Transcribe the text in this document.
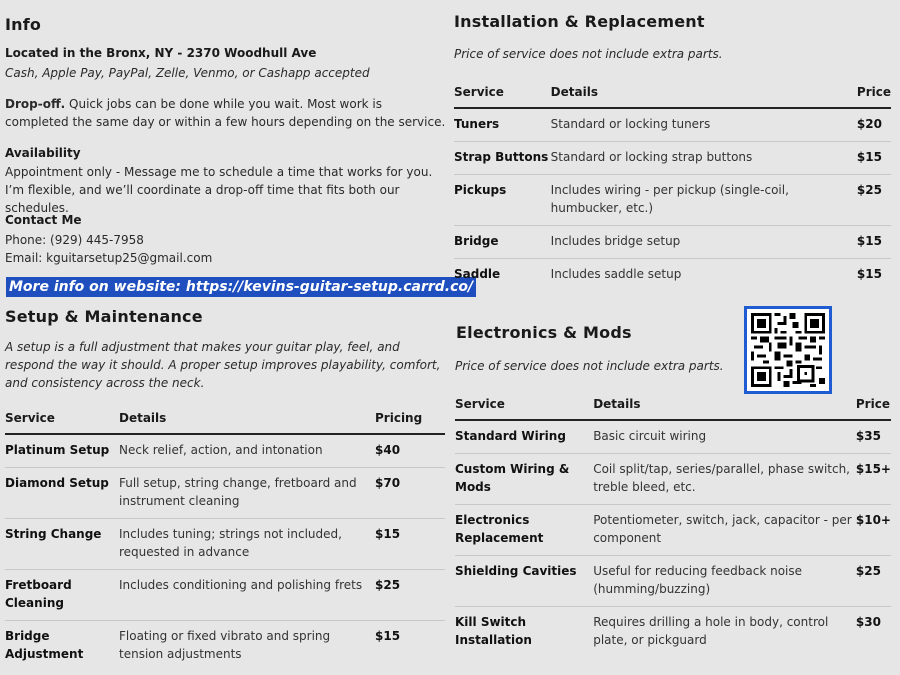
Info
Located in the Bronx, NY - 2370 Woodhull Ave
Cash, Apple Pay, PayPal, Zelle, Venmo, or Cashapp accepted
Drop-off. Quick jobs can be done while you wait. Most work is completed the same day or within a few hours depending on the service.
Availability
Appointment only - Message me to schedule a time that works for you. I’m flexible, and we’ll coordinate a drop-off time that fits both our schedules.
Contact Me
Phone: (929) 445-7958
Email: kguitarsetup25@gmail.com
More info on website: https://kevins-guitar-setup.carrd.co/
Setup & Maintenance
A setup is a full adjustment that makes your guitar play, feel, and respond the way it should. A proper setup improves playability, comfort, and consistency across the neck.
Service	Details	Pricing
Platinum Setup	Neck relief, action, and intonation	$40
Diamond Setup	Full setup, string change, fretboard and instrument cleaning	$70
String Change	Includes tuning; strings not included, requested in advance	$15
Fretboard Cleaning	Includes conditioning and polishing frets	$25
Bridge Adjustment	Floating or fixed vibrato and spring tension adjustments	$15
Installation & Replacement
Price of service does not include extra parts.
Service	Details	Price
Tuners	Standard or locking tuners	$20
Strap Buttons	Standard or locking strap buttons	$15
Pickups	Includes wiring - per pickup (single-coil, humbucker, etc.)	$25
Bridge	Includes bridge setup	$15
Saddle	Includes saddle setup	$15
Electronics & Mods
Price of service does not include extra parts.
Service	Details	Price
Standard Wiring	Basic circuit wiring	$35
Custom Wiring & Mods	Coil split/tap, series/parallel, phase switch, treble bleed, etc.	$15+
Electronics Replacement	Potentiometer, switch, jack, capacitor - per component	$10+
Shielding Cavities	Useful for reducing feedback noise (humming/buzzing)	$25
Kill Switch Installation	Requires drilling a hole in body, control plate, or pickguard	$30
